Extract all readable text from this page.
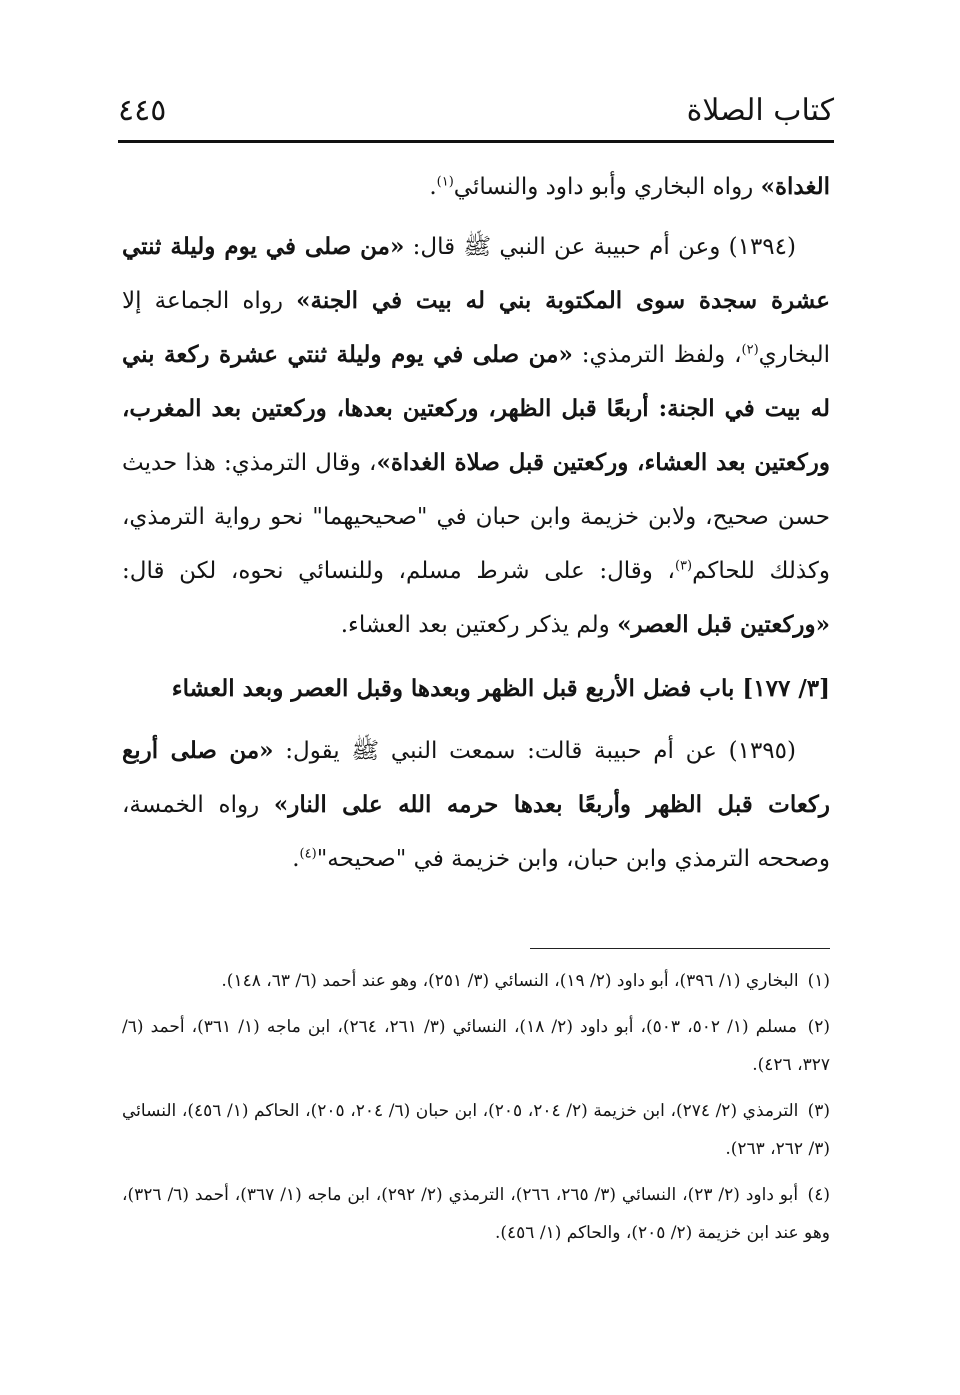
كتاب الصلاة
٤٤٥

الغداة» رواه البخاري وأبو داود والنسائي$^{(١)}$.

(١٣٩٤) وعن أم حبيبة عن النبي ﷺ قال: «من صلى في يوم وليلة ثنتي عشرة سجدة سوى المكتوبة بني له بيت في الجنة» رواه الجماعة إلا البخاري$^{(٢)}$، ولفظ الترمذي: «من صلى في يوم وليلة ثنتي عشرة ركعة بني له بيت في الجنة: أربعًا قبل الظهر، وركعتين بعدها، وركعتين بعد المغرب، وركعتين بعد العشاء، وركعتين قبل صلاة الغداة»، وقال الترمذي: هذا حديث حسن صحيح، ولابن خزيمة وابن حبان في "صحيحيهما" نحو رواية الترمذي، وكذلك للحاكم$^{(٣)}$، وقال: على شرط مسلم، وللنسائي نحوه، لكن قال: «وركعتين قبل العصر» ولم يذكر ركعتين بعد العشاء.

[٣/ ١٧٧] باب فضل الأربع قبل الظهر وبعدها وقبل العصر وبعد العشاء

(١٣٩٥) عن أم حبيبة قالت: سمعت النبي ﷺ يقول: «من صلى أربع ركعات قبل الظهر وأربعًا بعدها حرمه الله على النار» رواه الخمسة، وصححه الترمذي وابن حبان، وابن خزيمة في "صحيحه"$^{(٤)}$.

(١) البخاري (١/ ٣٩٦)، أبو داود (٢/ ١٩)، النسائي (٣/ ٢٥١)، وهو عند أحمد (٦/ ٦٣، ١٤٨).

(٢) مسلم (١/ ٥٠٢، ٥٠٣)، أبو داود (٢/ ١٨)، النسائي (٣/ ٢٦١، ٢٦٤)، ابن ماجه (١/ ٣٦١)، أحمد (٦/ ٣٢٧، ٤٢٦).

(٣) الترمذي (٢/ ٢٧٤)، ابن خزيمة (٢/ ٢٠٤، ٢٠٥)، ابن حبان (٦/ ٢٠٤، ٢٠٥)، الحاكم (١/ ٤٥٦)، النسائي (٣/ ٢٦٢، ٢٦٣).

(٤) أبو داود (٢/ ٢٣)، النسائي (٣/ ٢٦٥، ٢٦٦)، الترمذي (٢/ ٢٩٢)، ابن ماجه (١/ ٣٦٧)، أحمد (٦/ ٣٢٦)، وهو عند ابن خزيمة (٢/ ٢٠٥)، والحاكم (١/ ٤٥٦).
